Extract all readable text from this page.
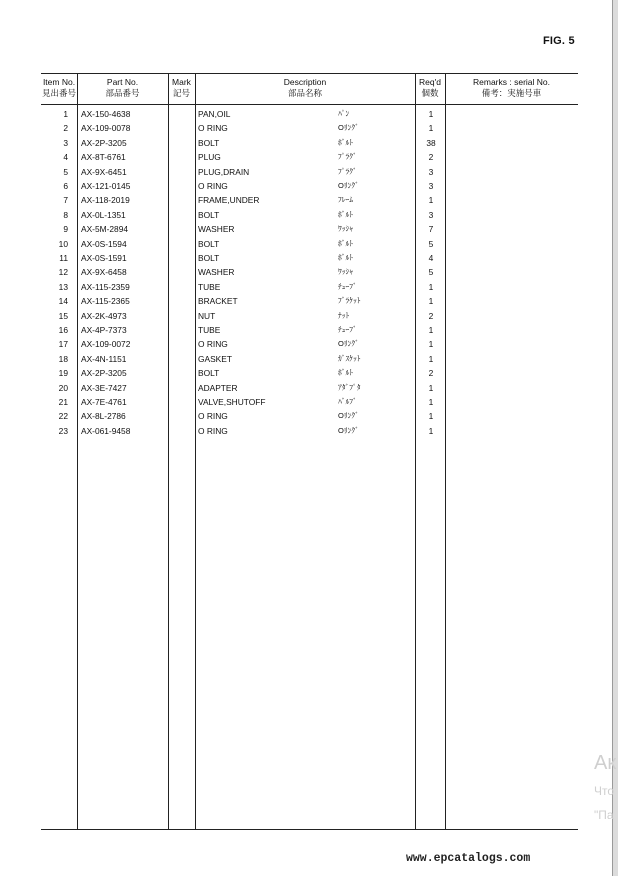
FIG. 5
Item No.
見出番号
Part No.
部品番号
Mark
記号
Description
部品名称
Req'd
個数
Remarks : serial No.
備考：実施号車
1 AX-150-4638	PAN,OIL	ﾊﾟﾝ	1
2 AX-109-0078	O RING	Oﾘﾝｸﾞ	1
3 AX-2P-3205	BOLT	ﾎﾞﾙﾄ	38
4 AX-8T-6761	PLUG	ﾌﾟﾗｸﾞ	2
5 AX-9X-6451	PLUG,DRAIN	ﾌﾟﾗｸﾞ	3
6 AX-121-0145	O RING	Oﾘﾝｸﾞ	3
7 AX-118-2019	FRAME,UNDER	ﾌﾚｰﾑ	1
8 AX-0L-1351	BOLT	ﾎﾞﾙﾄ	3
9 AX-5M-2894	WASHER	ﾜｯｼｬ	7
10 AX-0S-1594	BOLT	ﾎﾞﾙﾄ	5
11 AX-0S-1591	BOLT	ﾎﾞﾙﾄ	4
12 AX-9X-6458	WASHER	ﾜｯｼｬ	5
13 AX-115-2359	TUBE	ﾁｭｰﾌﾞ	1
14 AX-115-2365	BRACKET	ﾌﾞﾗｹｯﾄ	1
15 AX-2K-4973	NUT	ﾅｯﾄ	2
16 AX-4P-7373	TUBE	ﾁｭｰﾌﾞ	1
17 AX-109-0072	O RING	Oﾘﾝｸﾞ	1
18 AX-4N-1151	GASKET	ｶﾞｽｹｯﾄ	1
19 AX-2P-3205	BOLT	ﾎﾞﾙﾄ	2
20 AX-3E-7427	ADAPTER	ｱﾀﾞﾌﾟﾀ	1
21 AX-7E-4761	VALVE,SHUTOFF	ﾊﾞﾙﾌﾞ	1
22 AX-8L-2786	O RING	Oﾘﾝｸﾞ	1
23 AX-061-9458	O RING	Oﾘﾝｸﾞ	1
Ак
Что
"Па
www.epcatalogs.com
